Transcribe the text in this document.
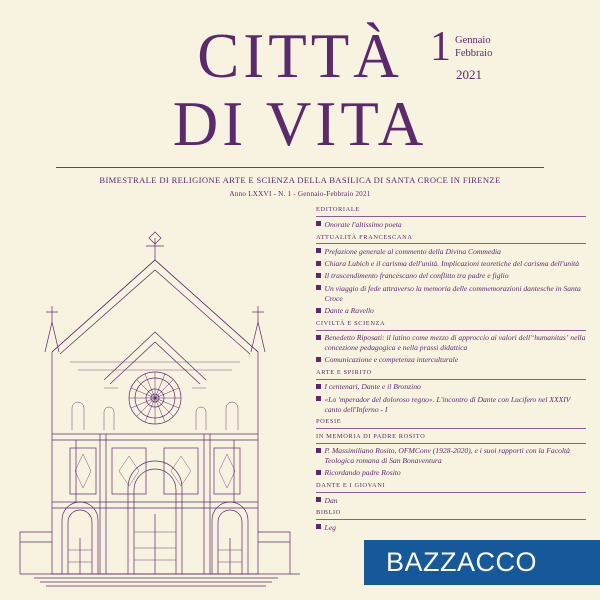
CITTÀ
DI VITA
1 Gennaio
Febbraio
2021
BIMESTRALE DI RELIGIONE ARTE E SCIENZA DELLA BASILICA DI SANTA CROCE IN FIRENZE
Anno LXXVI - N. 1 - Gennaio-Febbraio 2021
EDITORIALE
Onorate l'altissimo poeta
ATTUALITÀ FRANCESCANA
Prefazione generale al commento della Divina Commedia
Chiara Lubich e il carisma dell'unità. Implicazioni teoretiche del carisma dell'unità
Il trascendimento francescano del conflitto tra padre e figlio
Un viaggio di fede attraverso la memoria delle commemorazioni dantesche in Santa Croce
Dante a Ravello
CIVILTÀ E SCIENZA
Benedetto Riposati: il latino come mezzo di approccio ai valori dell'ʻhumanitasʼ nella concezione pedagogica e nella prassi didattica
Comunicazione e competenza interculturale
ARTE E SPIRITO
I centenari, Dante e il Bronzino
«Lo 'mperador del doloroso regno». L'incontro di Dante con Lucifero nel XXXIV canto dell'Inferno - I
POESIE
IN MEMORIA DI PADRE ROSITO
P. Massimiliano Rosito, OFMConv (1928-2020), e i suoi rapporti con la Facoltà Teologica romana di San Bonaventura
Ricordando padre Rosito
DANTE E I GIOVANI
Dan
BIBLIO
Leg
BAZZACCO
